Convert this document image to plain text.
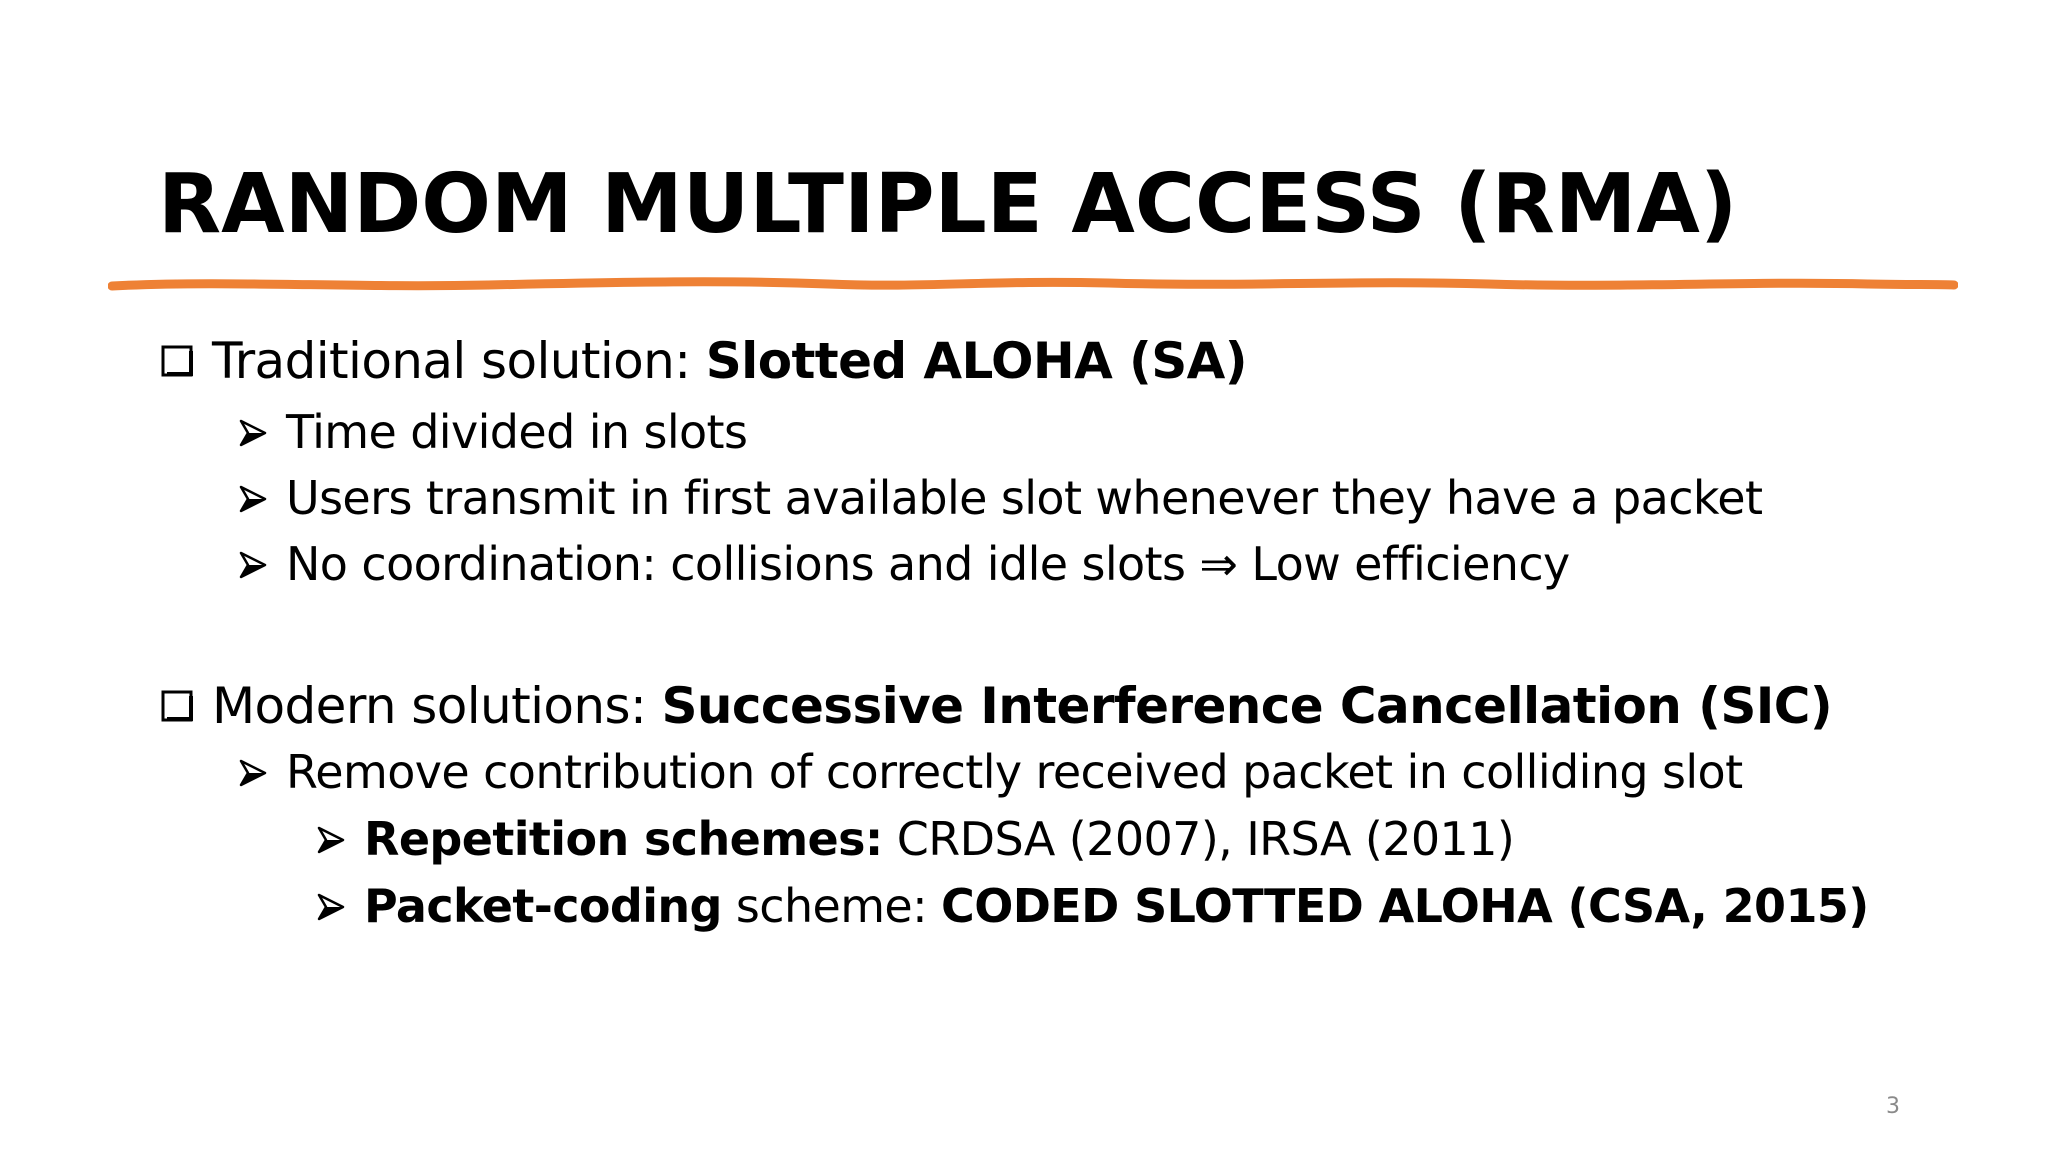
RANDOM MULTIPLE ACCESS (RMA)
Traditional solution: Slotted ALOHA (SA)
Time divided in slots
Users transmit in first available slot whenever they have a packet
No coordination: collisions and idle slots ⇒ Low efficiency
Modern solutions: Successive Interference Cancellation (SIC)
Remove contribution of correctly received packet in colliding slot
Repetition schemes: CRDSA (2007), IRSA (2011)
Packet-coding scheme: CODED SLOTTED ALOHA (CSA, 2015)
3
